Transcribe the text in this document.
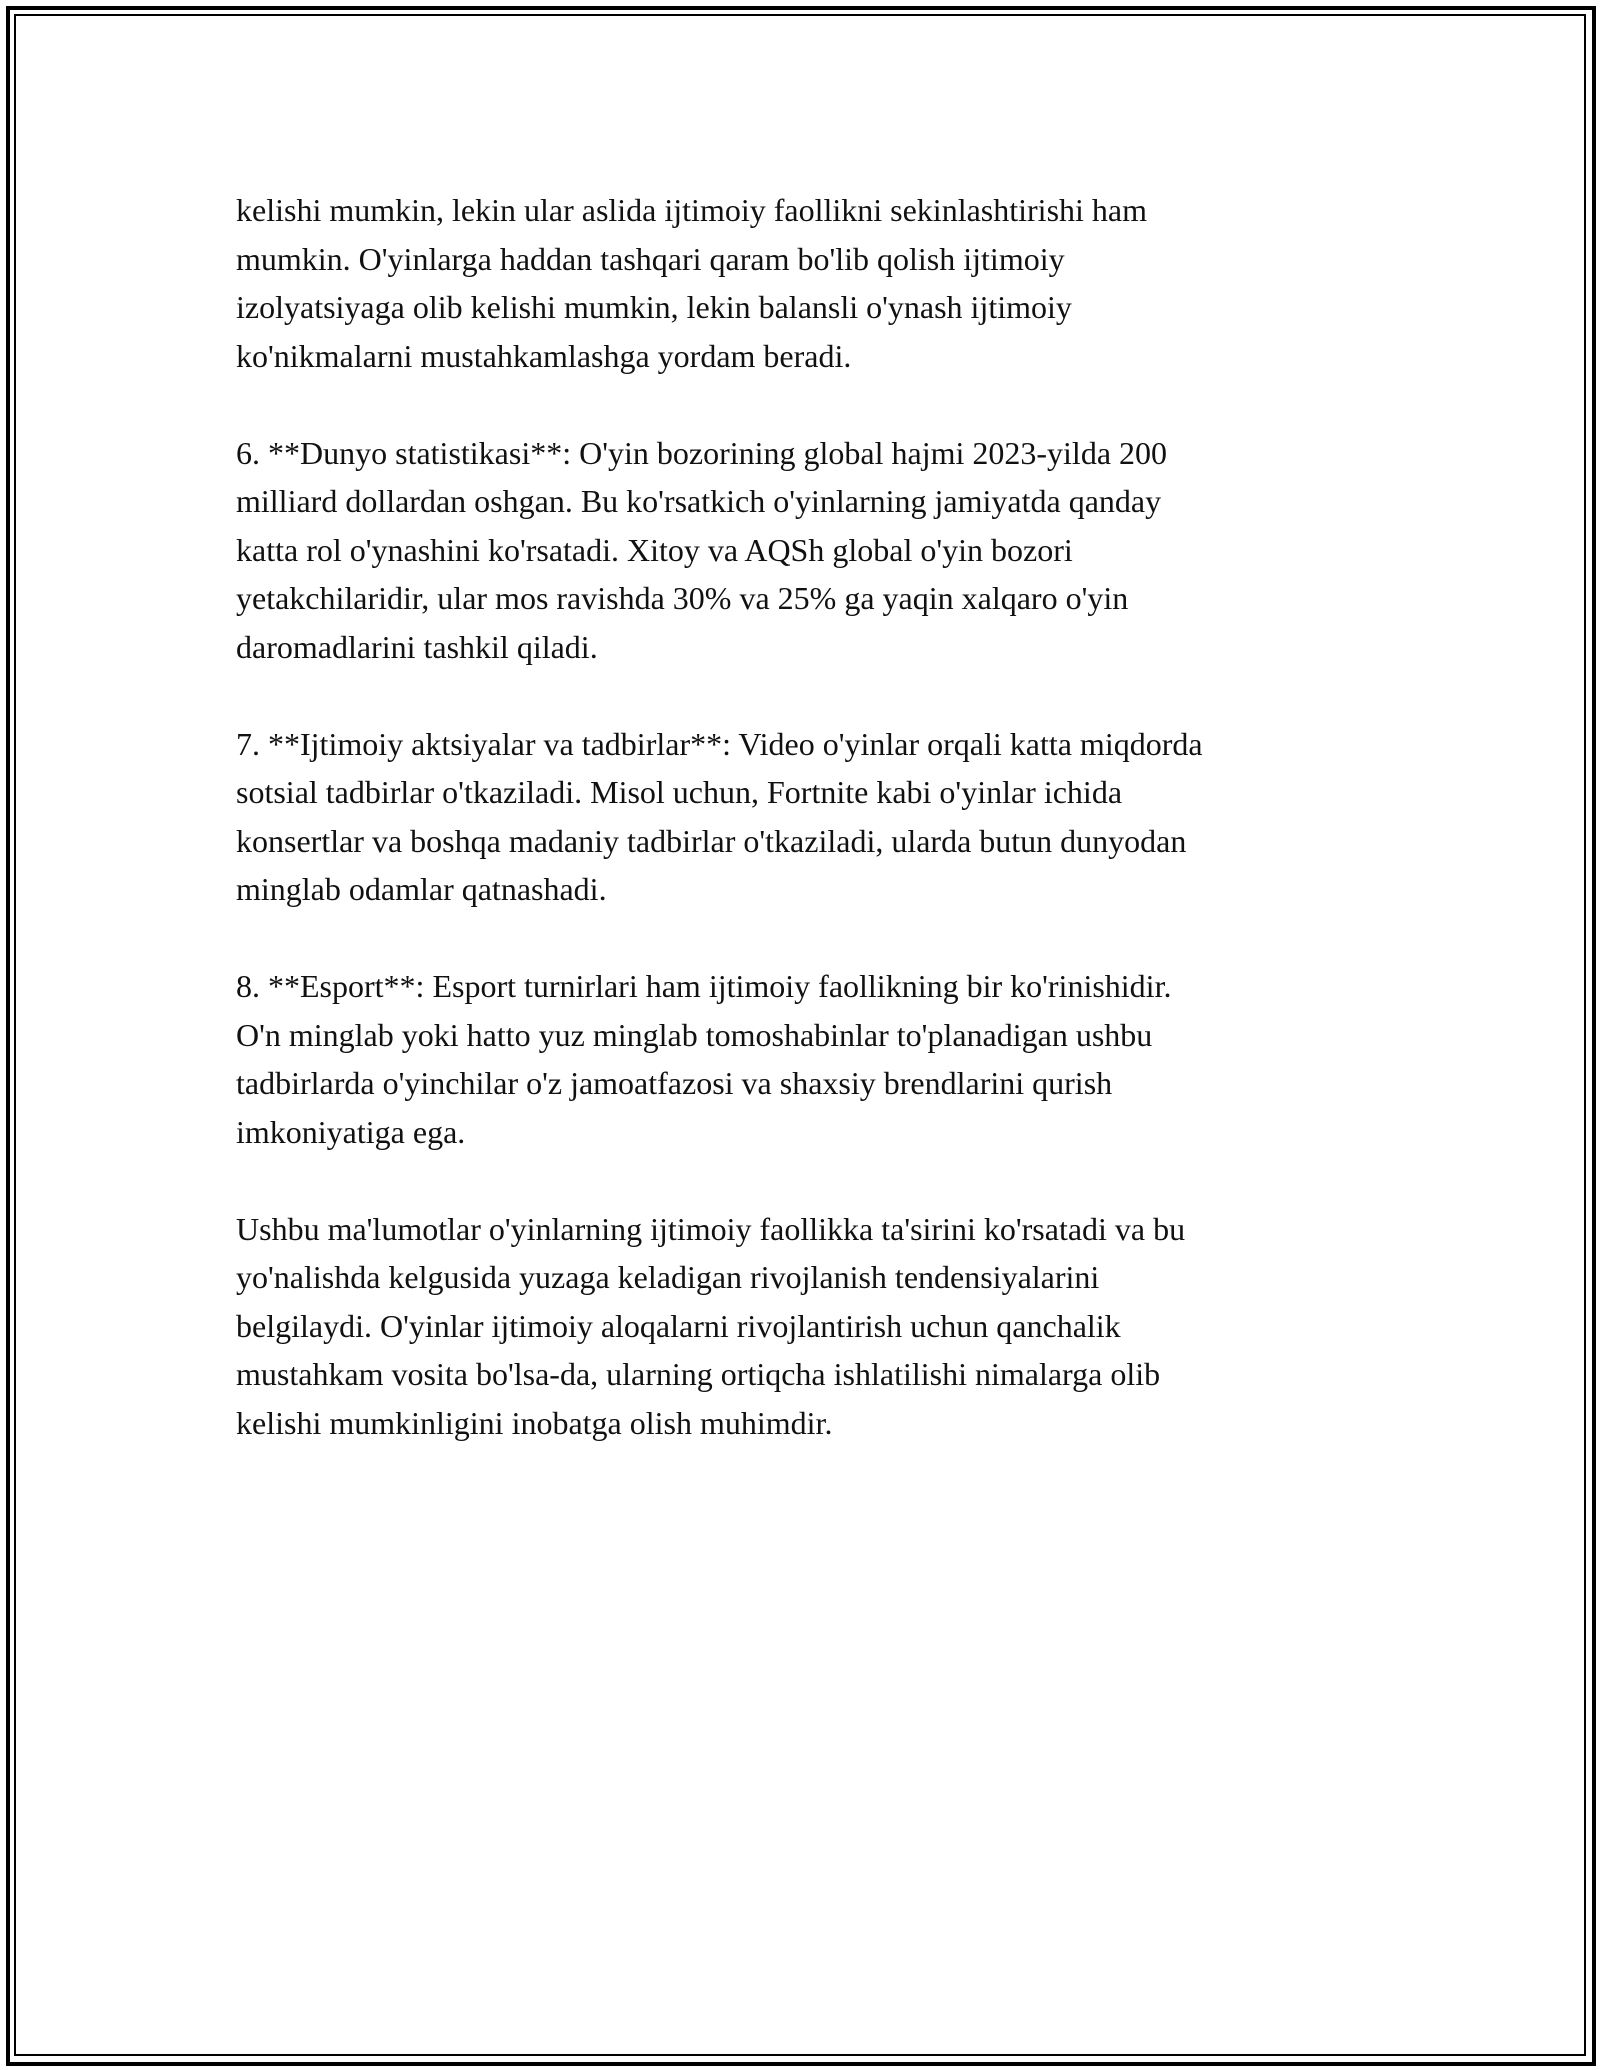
kelishi mumkin, lekin ular aslida ijtimoiy faollikni sekinlashtirishi ham
mumkin. O'yinlarga haddan tashqari qaram bo'lib qolish ijtimoiy
izolyatsiyaga olib kelishi mumkin, lekin balansli o'ynash ijtimoiy
ko'nikmalarni mustahkamlashga yordam beradi.

6. **Dunyo statistikasi**: O'yin bozorining global hajmi 2023-yilda 200
milliard dollardan oshgan. Bu ko'rsatkich o'yinlarning jamiyatda qanday
katta rol o'ynashini ko'rsatadi. Xitoy va AQSh global o'yin bozori
yetakchilaridir, ular mos ravishda 30% va 25% ga yaqin xalqaro o'yin
daromadlarini tashkil qiladi.

7. **Ijtimoiy aktsiyalar va tadbirlar**: Video o'yinlar orqali katta miqdorda
sotsial tadbirlar o'tkaziladi. Misol uchun, Fortnite kabi o'yinlar ichida
konsertlar va boshqa madaniy tadbirlar o'tkaziladi, ularda butun dunyodan
minglab odamlar qatnashadi.

8. **Esport**: Esport turnirlari ham ijtimoiy faollikning bir ko'rinishidir.
O'n minglab yoki hatto yuz minglab tomoshabinlar to'planadigan ushbu
tadbirlarda o'yinchilar o'z jamoatfazosi va shaxsiy brendlarini qurish
imkoniyatiga ega.

Ushbu ma'lumotlar o'yinlarning ijtimoiy faollikka ta'sirini ko'rsatadi va bu
yo'nalishda kelgusida yuzaga keladigan rivojlanish tendensiyalarini
belgilaydi. O'yinlar ijtimoiy aloqalarni rivojlantirish uchun qanchalik
mustahkam vosita bo'lsa-da, ularning ortiqcha ishlatilishi nimalarga olib
kelishi mumkinligini inobatga olish muhimdir.
